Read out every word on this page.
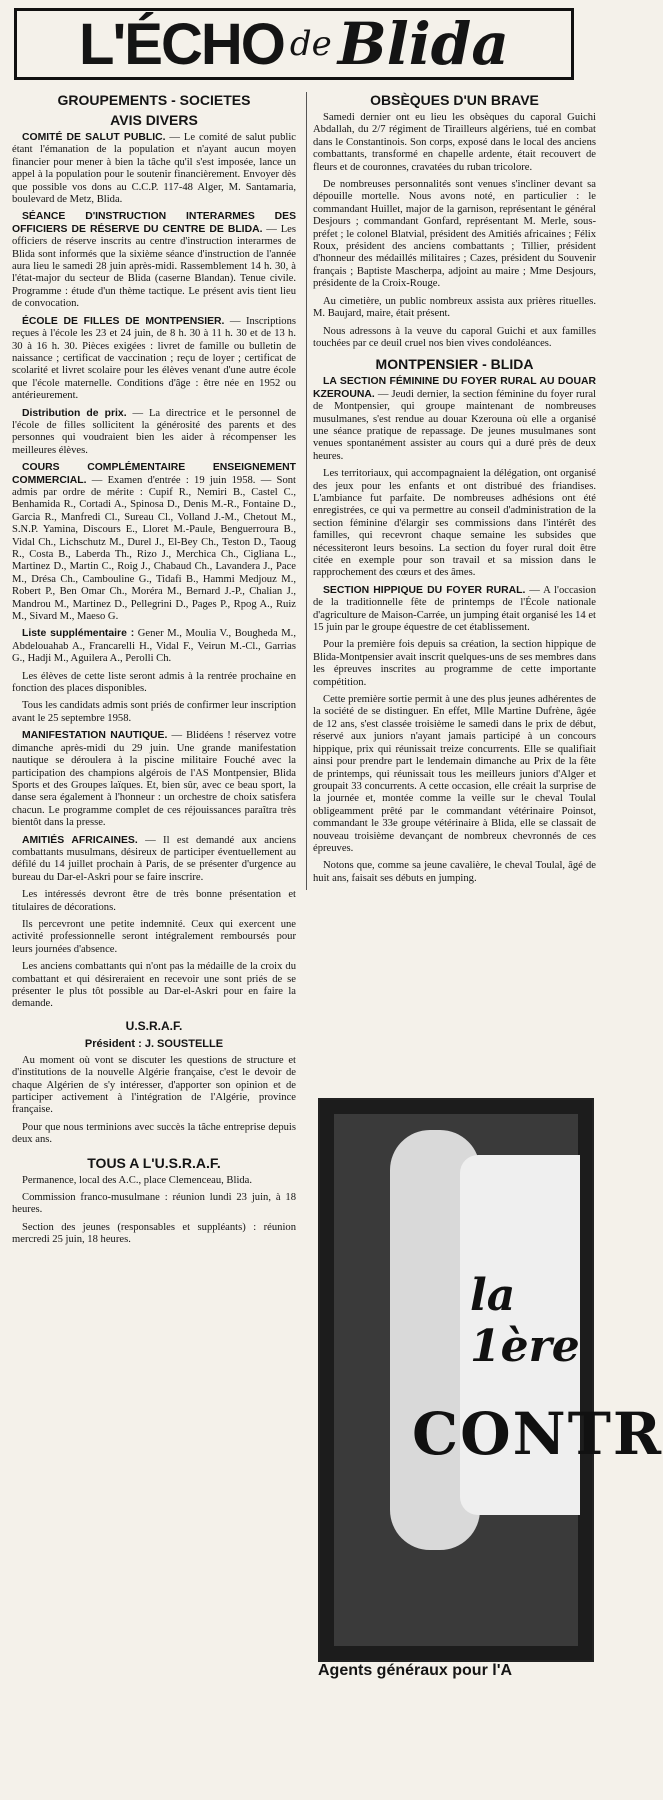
L'ÉCHO de Blida
GROUPEMENTS - SOCIETES
AVIS DIVERS

COMITÉ DE SALUT PUBLIC. — Le comité de salut public étant l'émanation de la population et n'ayant aucun moyen financier pour mener à bien la tâche qu'il s'est imposée, lance un appel à la population pour le soutenir financièrement. Envoyer dès que possible vos dons au C.C.P. 117-48 Alger, M. Santamaria, boulevard de Metz, Blida.

SÉANCE D'INSTRUCTION INTERARMES DES OFFICIERS DE RÉSERVE DU CENTRE DE BLIDA. — Les officiers de réserve inscrits au centre d'instruction interarmes de Blida sont informés que la sixième séance d'instruction de l'année aura lieu le samedi 28 juin après-midi. Rassemblement 14 h. 30, à l'état-major du secteur de Blida (caserne Blandan). Tenue civile. Programme : étude d'un thème tactique. Le présent avis tient lieu de convocation.

ÉCOLE DE FILLES DE MONTPENSIER. — Inscriptions reçues à l'école les 23 et 24 juin, de 8 h. 30 à 11 h. 30 et de 13 h. 30 à 16 h. 30. Pièces exigées : livret de famille ou bulletin de naissance ; certificat de vaccination ; reçu de loyer ; certificat de scolarité et livret scolaire pour les élèves venant d'une autre école que l'école maternelle. Conditions d'âge : être née en 1952 ou antérieurement.

Distribution de prix. — La directrice et le personnel de l'école de filles sollicitent la générosité des parents et des personnes qui voudraient bien les aider à récompenser les meilleures élèves.

COURS COMPLÉMENTAIRE ENSEIGNEMENT COMMERCIAL. — Examen d'entrée : 19 juin 1958. — Sont admis par ordre de mérite : Cupif R., Nemiri B., Castel C., Benhamida R., Cortadi A., Spinosa D., Denis M.-R., Fontaine D., Garcia R., Manfredi Cl., Sureau Cl., Volland J.-M., Chetout M., S.N.P. Yamina, Discours E., Lloret M.-Paule, Benguerroura B., Vidal Ch., Lichschutz M., Durel J., El-Bey Ch., Teston D., Taoug R., Costa B., Laberda Th., Rizo J., Merchica Ch., Cigliana L., Martinez D., Martin C., Roig J., Chabaud Ch., Lavandera J., Pace M., Drésa Ch., Cambouline G., Tidafi B., Hammi Medjouz M., Robert P., Ben Omar Ch., Moréra M., Bernard J.-P., Chalian J., Mandrou M., Martinez D., Pellegrini D., Pages P., Rpog A., Ruiz M., Sivard M., Maeso G.

Liste supplémentaire : Gener M., Moulia V., Bougheda M., Abdelouahab A., Francarelli H., Vidal F., Veirun M.-Cl., Garrias G., Hadji M., Aguilera A., Perolli Ch.

Les élèves de cette liste seront admis à la rentrée prochaine en fonction des places disponibles.

Tous les candidats admis sont priés de confirmer leur inscription avant le 25 septembre 1958.

MANIFESTATION NAUTIQUE. — Blidéens ! réservez votre dimanche après-midi du 29 juin. Une grande manifestation nautique se déroulera à la piscine militaire Fouché avec la participation des champions algérois de l'AS Montpensier, Blida Sports et des Groupes laïques. Et, bien sûr, avec ce beau sport, la danse sera également à l'honneur : un orchestre de choix satisfera chacun. Le programme complet de ces réjouissances paraîtra très bientôt dans la presse.

AMITIÉS AFRICAINES. — Il est demandé aux anciens combattants musulmans, désireux de participer éventuellement au défilé du 14 juillet prochain à Paris, de se présenter d'urgence au bureau du Dar-el-Askri pour se faire inscrire.

Les intéressés devront être de très bonne présentation et titulaires de décorations.

Ils percevront une petite indemnité. Ceux qui exercent une activité professionnelle seront intégralement remboursés pour leurs journées d'absence.

Les anciens combattants qui n'ont pas la médaille de la croix du combattant et qui désireraient en recevoir une sont priés de se présenter le plus tôt possible au Dar-el-Askri pour en faire la demande.

U.S.R.A.F.
Président : J. SOUSTELLE

Au moment où vont se discuter les questions de structure et d'institutions de la nouvelle Algérie française, c'est le devoir de chaque Algérien de s'y intéresser, d'apporter son opinion et de participer activement à l'intégration de l'Algérie, province française.

Pour que nous terminions avec succès la tâche entreprise depuis deux ans.

TOUS A L'U.S.R.A.F.

Permanence, local des A.C., place Clemenceau, Blida.

Commission franco-musulmane : réunion lundi 23 juin, à 18 heures.

Section des jeunes (responsables et suppléants) : réunion mercredi 25 juin, 18 heures.

OBSÈQUES D'UN BRAVE

Samedi dernier ont eu lieu les obsèques du caporal Guichi Abdallah, du 2/7 régiment de Tirailleurs algériens, tué en combat dans le Constantinois. Son corps, exposé dans le local des anciens combattants, transformé en chapelle ardente, était recouvert de fleurs et de couronnes, cravatées du ruban tricolore.

De nombreuses personnalités sont venues s'incliner devant sa dépouille mortelle. Nous avons noté, en particulier : le commandant Huillet, major de la garnison, représentant le général Desjours ; commandant Gonfard, représentant M. Merle, sous-préfet ; le colonel Blatvial, président des Amitiés africaines ; Félix Roux, président des anciens combattants ; Tillier, président d'honneur des médaillés militaires ; Cazes, président du Souvenir français ; Baptiste Mascherpa, adjoint au maire ; Mme Desjours, présidente de la Croix-Rouge.

Au cimetière, un public nombreux assista aux prières rituelles. M. Baujard, maire, était présent.

Nous adressons à la veuve du caporal Guichi et aux familles touchées par ce deuil cruel nos bien vives condoléances.

MONTPENSIER - BLIDA

LA SECTION FÉMININE DU FOYER RURAL AU DOUAR KZEROUNA. — Jeudi dernier, la section féminine du foyer rural de Montpensier, qui groupe maintenant de nombreuses musulmanes, s'est rendue au douar Kzerouna où elle a organisé une séance pratique de repassage. De jeunes musulmanes sont venues spontanément assister au cours qui a duré près de deux heures.

Les territoriaux, qui accompagnaient la délégation, ont organisé des jeux pour les enfants et ont distribué des friandises. L'ambiance fut parfaite. De nombreuses adhésions ont été enregistrées, ce qui va permettre au conseil d'administration de la section féminine d'élargir ses commissions dans l'intérêt des familles, qui recevront chaque semaine les subsides que nécessiteront leurs besoins. La section du foyer rural doit être citée en exemple pour son travail et sa mission dans le rapprochement des cœurs et des âmes.

SECTION HIPPIQUE DU FOYER RURAL. — A l'occasion de la traditionnelle fête de printemps de l'École nationale d'agriculture de Maison-Carrée, un jumping était organisé les 14 et 15 juin par le groupe équestre de cet établissement.

Pour la première fois depuis sa création, la section hippique de Blida-Montpensier avait inscrit quelques-uns de ses membres dans les épreuves inscrites au programme de cette importante compétition.

Cette première sortie permit à une des plus jeunes adhérentes de la société de se distinguer. En effet, Mlle Martine Dufrène, âgée de 12 ans, s'est classée troisième le samedi dans le prix de début, réservé aux juniors n'ayant jamais participé à un concours hippique, prix qui réunissait treize concurrents. Elle se qualifiait ainsi pour prendre part le lendemain dimanche au Prix de la fête de printemps, qui réunissait tous les meilleurs juniors d'Alger et groupait 33 concurrents. A cette occasion, elle créait la surprise de la journée et, montée comme la veille sur le cheval Toulal obligeamment prêté par le commandant vétérinaire Poinsot, commandant le 33e groupe vétérinaire à Blida, elle se classait de nouveau troisième devançant de nombreux chevronnés de ces épreuves.

Notons que, comme sa jeune cavalière, le cheval Toulal, âgé de huit ans, faisait ses débuts en jumping.

la 1ère
CONTR
Agents généraux pour l'A
